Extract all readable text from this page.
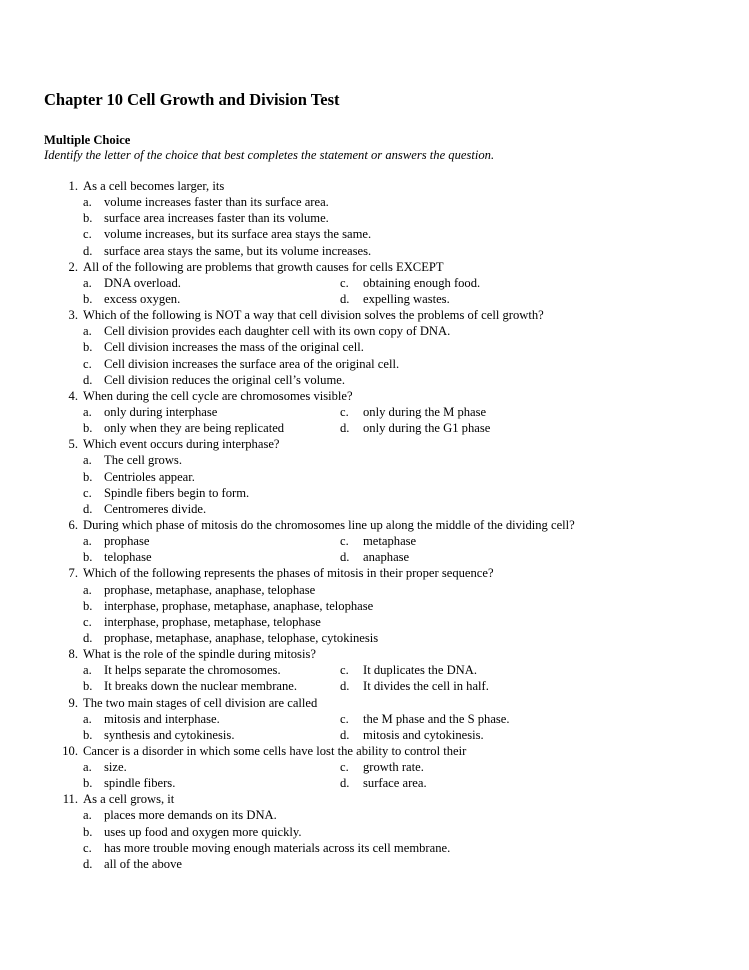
Chapter 10 Cell Growth and Division Test
Multiple Choice
Identify the letter of the choice that best completes the statement or answers the question.
1. As a cell becomes larger, its
a. volume increases faster than its surface area.
b. surface area increases faster than its volume.
c. volume increases, but its surface area stays the same.
d. surface area stays the same, but its volume increases.
2. All of the following are problems that growth causes for cells EXCEPT
a. DNA overload.	c. obtaining enough food.
b. excess oxygen.	d. expelling wastes.
3. Which of the following is NOT a way that cell division solves the problems of cell growth?
a. Cell division provides each daughter cell with its own copy of DNA.
b. Cell division increases the mass of the original cell.
c. Cell division increases the surface area of the original cell.
d. Cell division reduces the original cell’s volume.
4. When during the cell cycle are chromosomes visible?
a. only during interphase	c. only during the M phase
b. only when they are being replicated	d. only during the G1 phase
5. Which event occurs during interphase?
a. The cell grows.
b. Centrioles appear.
c. Spindle fibers begin to form.
d. Centromeres divide.
6. During which phase of mitosis do the chromosomes line up along the middle of the dividing cell?
a. prophase	c. metaphase
b. telophase	d. anaphase
7. Which of the following represents the phases of mitosis in their proper sequence?
a. prophase, metaphase, anaphase, telophase
b. interphase, prophase, metaphase, anaphase, telophase
c. interphase, prophase, metaphase, telophase
d. prophase, metaphase, anaphase, telophase, cytokinesis
8. What is the role of the spindle during mitosis?
a. It helps separate the chromosomes.	c. It duplicates the DNA.
b. It breaks down the nuclear membrane.	d. It divides the cell in half.
9. The two main stages of cell division are called
a. mitosis and interphase.	c. the M phase and the S phase.
b. synthesis and cytokinesis.	d. mitosis and cytokinesis.
10. Cancer is a disorder in which some cells have lost the ability to control their
a. size.	c. growth rate.
b. spindle fibers.	d. surface area.
11. As a cell grows, it
a. places more demands on its DNA.
b. uses up food and oxygen more quickly.
c. has more trouble moving enough materials across its cell membrane.
d. all of the above
